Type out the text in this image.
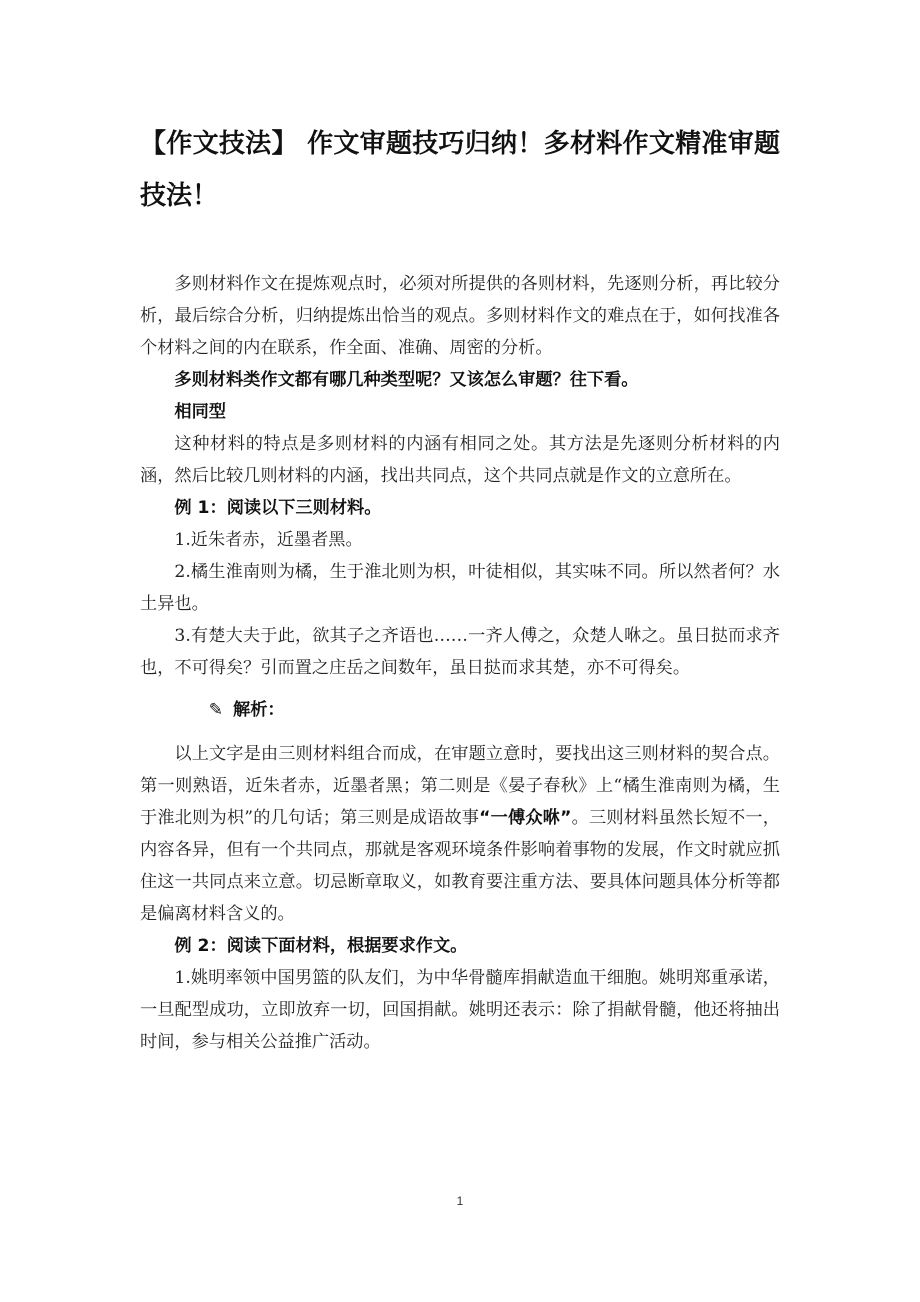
【作文技法】 作文审题技巧归纳！多材料作文精准审题技法！

多则材料作文在提炼观点时，必须对所提供的各则材料，先逐则分析，再比较分析，最后综合分析，归纳提炼出恰当的观点。多则材料作文的难点在于，如何找准各个材料之间的内在联系，作全面、准确、周密的分析。

多则材料类作文都有哪几种类型呢？又该怎么审题？往下看。

相同型

这种材料的特点是多则材料的内涵有相同之处。其方法是先逐则分析材料的内涵，然后比较几则材料的内涵，找出共同点，这个共同点就是作文的立意所在。

例 1：阅读以下三则材料。

1.近朱者赤，近墨者黑。

2.橘生淮南则为橘，生于淮北则为枳，叶徒相似，其实味不同。所以然者何？水土异也。

3.有楚大夫于此，欲其子之齐语也……一齐人傅之，众楚人咻之。虽日挞而求齐也，不可得矣？引而置之庄岳之间数年，虽日挞而求其楚，亦不可得矣。

✎ 解析：

以上文字是由三则材料组合而成，在审题立意时，要找出这三则材料的契合点。第一则熟语，近朱者赤，近墨者黑；第二则是《晏子春秋》上“橘生淮南则为橘，生于淮北则为枳”的几句话；第三则是成语故事“一傅众咻”。三则材料虽然长短不一，内容各异，但有一个共同点，那就是客观环境条件影响着事物的发展，作文时就应抓住这一共同点来立意。切忌断章取义，如教育要注重方法、要具体问题具体分析等都是偏离材料含义的。

例 2：阅读下面材料，根据要求作文。

1.姚明率领中国男篮的队友们，为中华骨髓库捐献造血干细胞。姚明郑重承诺，一旦配型成功，立即放弃一切，回国捐献。姚明还表示：除了捐献骨髓，他还将抽出时间，参与相关公益推广活动。

1
